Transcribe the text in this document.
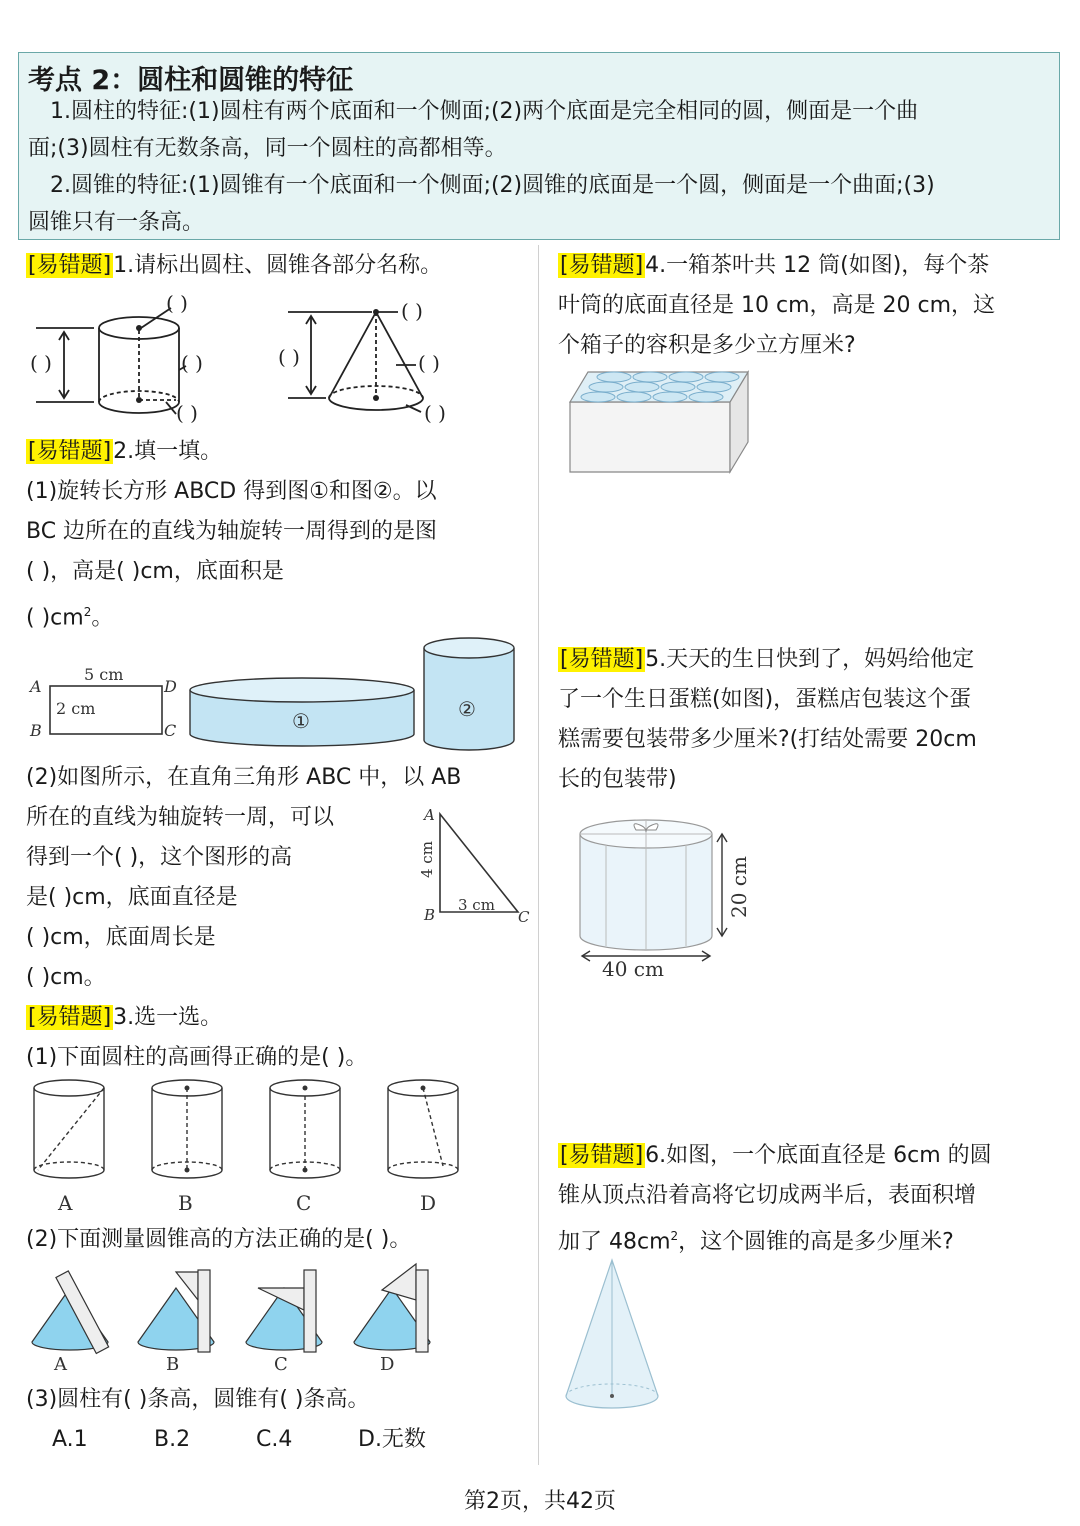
考点 2：圆柱和圆锥的特征
1.圆柱的特征:(1)圆柱有两个底面和一个侧面;(2)两个底面是完全相同的圆，侧面是一个曲
面;(3)圆柱有无数条高，同一个圆柱的高都相等。
2.圆锥的特征:(1)圆锥有一个底面和一个侧面;(2)圆锥的底面是一个圆，侧面是一个曲面;(3)
圆锥只有一条高。
[易错题]1.请标出圆柱、圆锥各部分名称。
( )
( )	( )
( )
( )
( )	( )
( )
[易错题]2.填一填。
(1)旋转长方形 ABCD 得到图①和图②。以
BC 边所在的直线为轴旋转一周得到的是图
( )，高是( )cm，底面积是
( )$cm^2$。
A
B	C
D
5 cm
2 cm
①	②
(2)如图所示，在直角三角形 ABC 中，以 AB
所在的直线为轴旋转一周，可以
得到一个( )，这个图形的高
是( )cm，底面直径是
( )cm，底面周长是
( )cm。
A
B	C
3 cm
4 cm
[易错题]3.选一选。
(1)下面圆柱的高画得正确的是( )。
A	B	C	D
(2)下面测量圆锥高的方法正确的是( )。
A	B	C	D
(3)圆柱有( )条高，圆锥有( )条高。
A.1	B.2	C.4	D.无数
[易错题]4.一箱茶叶共 12 筒(如图)，每个茶
叶筒的底面直径是 10 cm，高是 20 cm，这
个箱子的容积是多少立方厘米?
[易错题]5.天天的生日快到了，妈妈给他定
了一个生日蛋糕(如图)，蛋糕店包装这个蛋
糕需要包装带多少厘米?(打结处需要 20cm
长的包装带)
20 cm
40 cm
[易错题]6.如图，一个底面直径是 6cm 的圆
锥从顶点沿着高将它切成两半后，表面积增
加了 $48cm^2$，这个圆锥的高是多少厘米?
第2页，共42页
